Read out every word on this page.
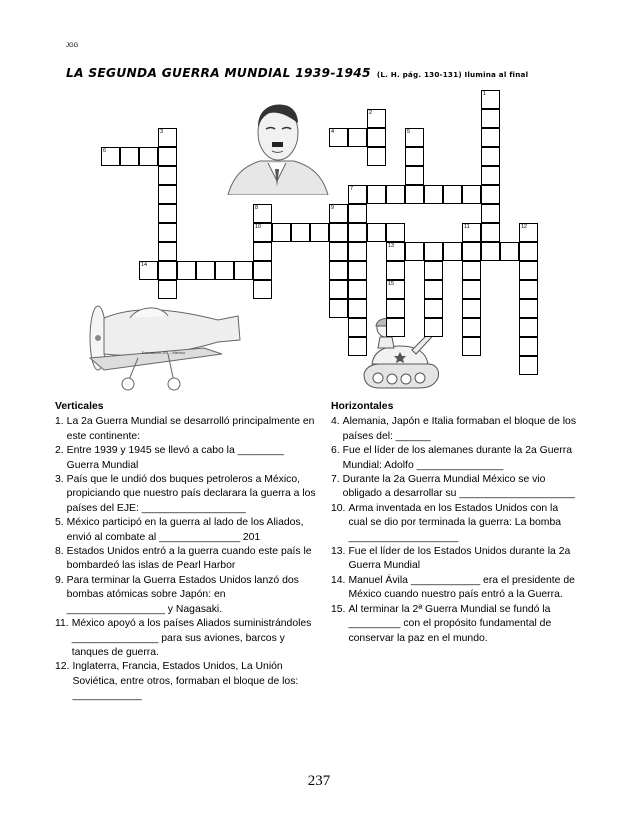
JGG
LA SEGUNDA GUERRA MUNDIAL 1939-1945 (L. H. pág. 130-131) Ilumina al final
Escuadrón 201 - México
1
2
3	4	5
6
7
8
10
9
11	12
13
14
15
Verticales
1. La 2a Guerra Mundial se desarrolló principalmente en este continente:
2. Entre 1939 y 1945 se llevó a cabo la ________ Guerra Mundial
3. País que le undió dos buques petroleros a México, propiciando que nuestro país declarara la guerra a los países del EJE: __________________
5. México participó en la guerra al lado de los Aliados, envió al combate al ______________ 201
8. Estados Unidos entró a la guerra cuando este país le bombardeó las islas de Pearl Harbor
9. Para terminar la Guerra Estados Unidos lanzó dos bombas atómicas sobre Japón: en _________________ y Nagasaki.
11. México apoyó a los países Aliados suministrándoles _______________ para sus aviones, barcos y tanques de guerra.
12. Inglaterra, Francia, Estados Unidos, La Unión Soviética, entre otros, formaban el bloque de los: ____________
Horizontales
4. Alemania, Japón e Italia formaban el bloque de los países del: ______
6. Fue el líder de los alemanes durante la 2a Guerra Mundial: Adolfo _______________
7. Durante la 2a Guerra Mundial México se vio obligado a desarrollar su ____________________
10. Arma inventada en los Estados Unidos con la cual se dio por terminada la guerra: La bomba ___________________
13. Fue el líder de los Estados Unidos durante la 2a Guerra Mundial
14. Manuel Ávila ____________ era el presidente de México cuando nuestro país entró a la Guerra.
15. Al terminar la 2ª Guerra Mundial se fundó la _________ con el propósito fundamental de conservar la paz en el mundo.
237
